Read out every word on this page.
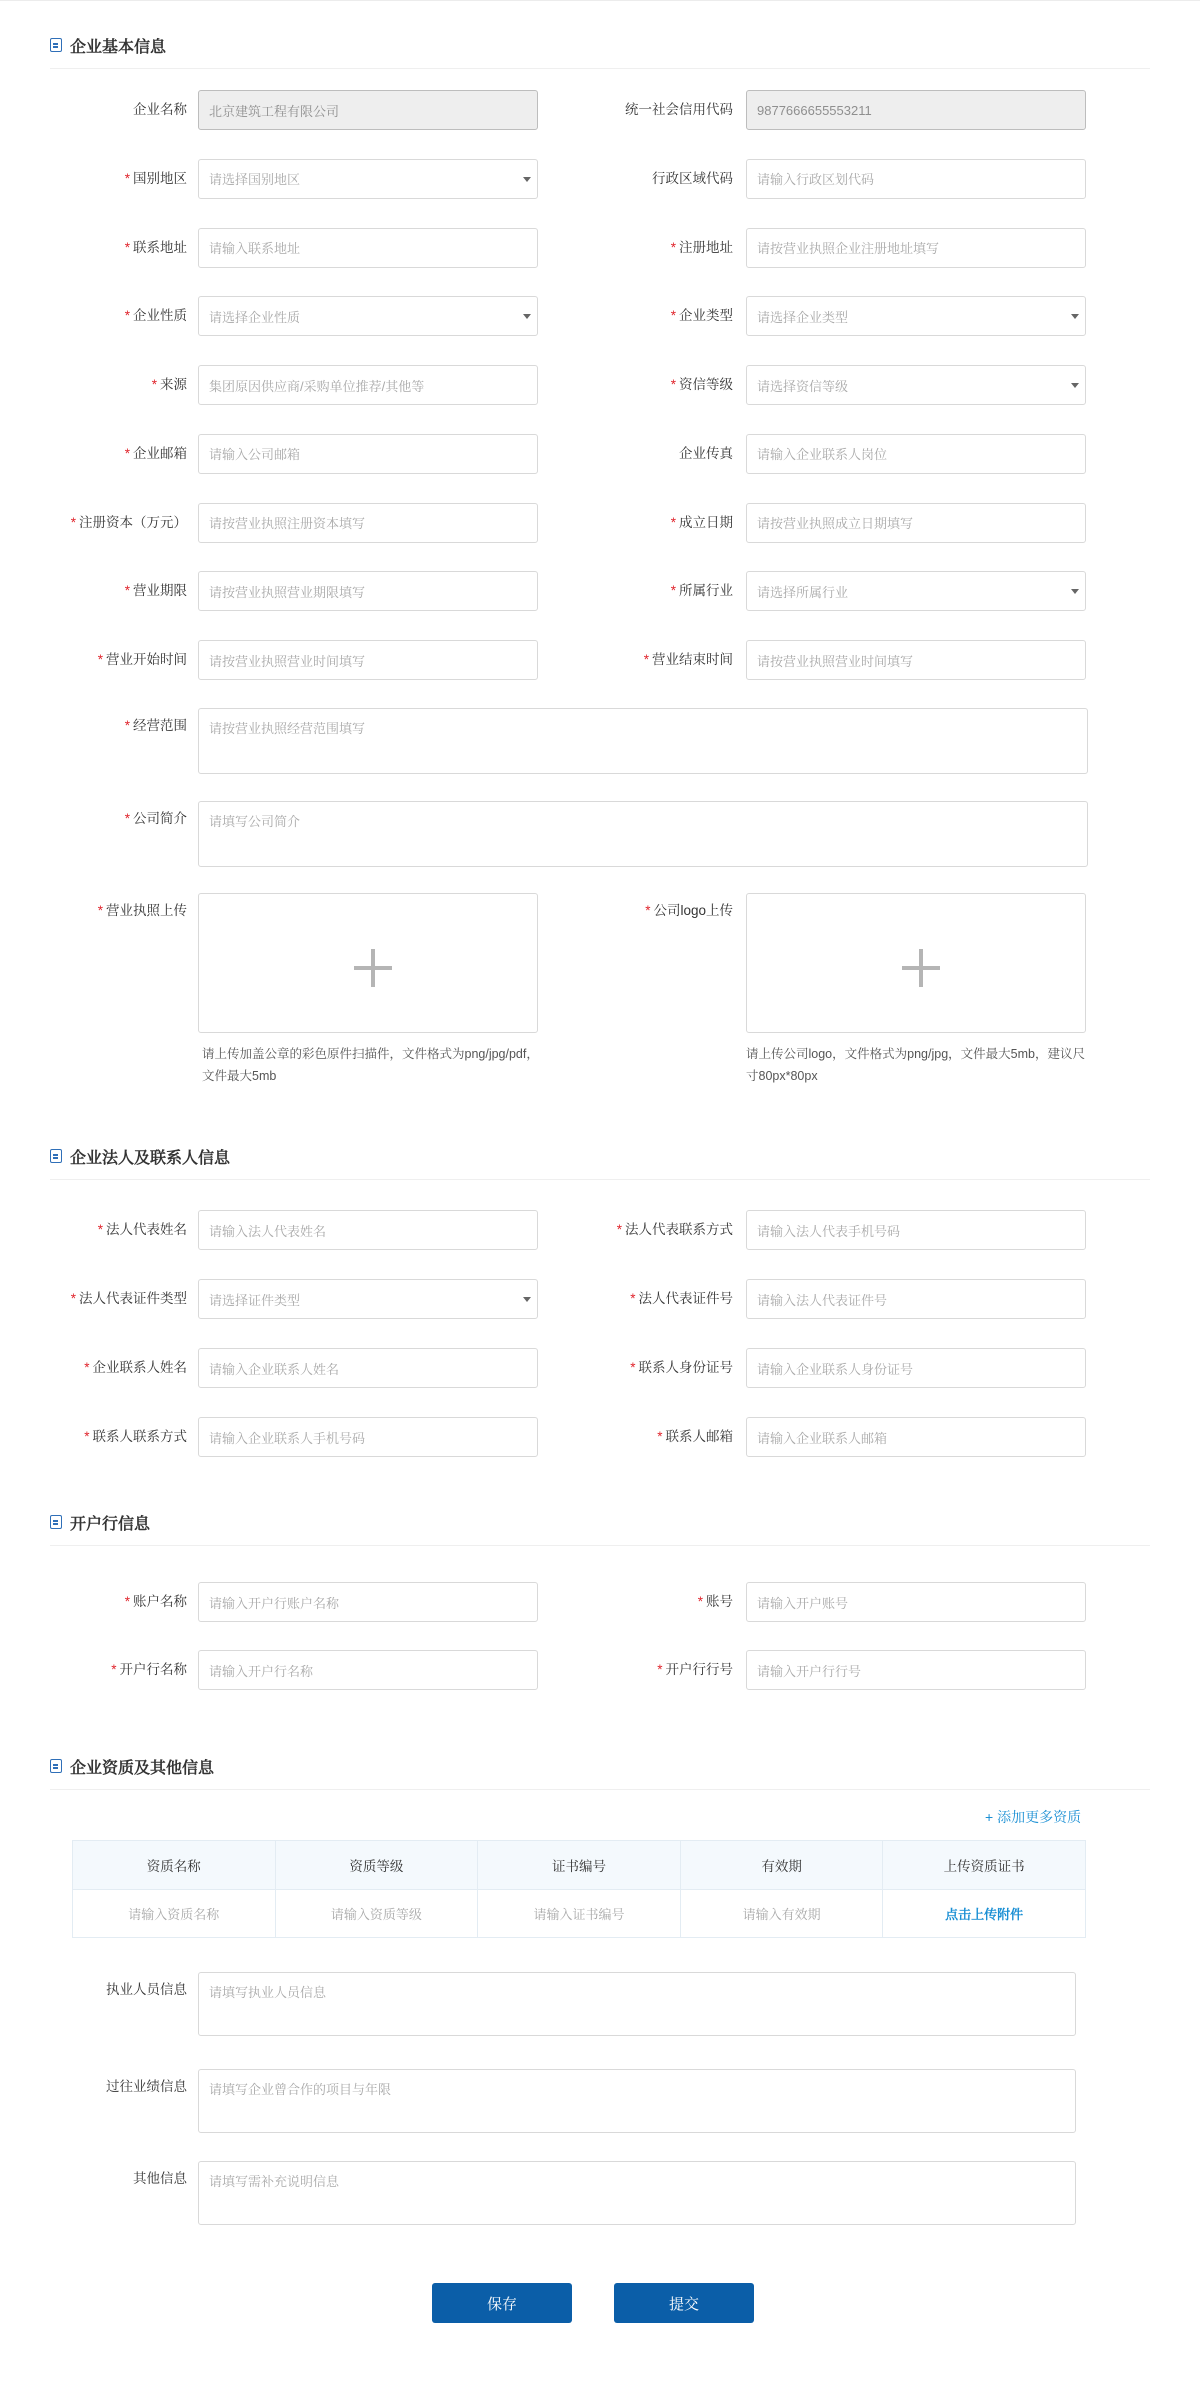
企业基本信息
企业名称 北京建筑工程有限公司	统一社会信用代码 9877666655553211
* 国别地区 请选择国别地区	行政区域代码 请输入行政区划代码
* 联系地址 请输入联系地址	* 注册地址 请按营业执照企业注册地址填写
* 企业性质 请选择企业性质	* 企业类型 请选择企业类型
* 来源 集团原因供应商/采购单位推荐/其他等	* 资信等级 请选择资信等级
* 企业邮箱 请输入公司邮箱	企业传真 请输入企业联系人岗位
* 注册资本（万元） 请按营业执照注册资本填写	* 成立日期 请按营业执照成立日期填写
* 营业期限 请按营业执照营业期限填写	* 所属行业 请选择所属行业
* 营业开始时间 请按营业执照营业时间填写	* 营业结束时间 请按营业执照营业时间填写
* 经营范围	请按营业执照经营范围填写
* 公司简介	请填写公司简介
* 营业执照上传
请上传加盖公章的彩色原件扫描件，文件格式为png/jpg/pdf，文件最大5mb
* 公司logo上传
请上传公司logo，文件格式为png/jpg，文件最大5mb，建议尺寸80px*80px
企业法人及联系人信息
* 法人代表姓名 请输入法人代表姓名	* 法人代表联系方式 请输入法人代表手机号码
* 法人代表证件类型 请选择证件类型	* 法人代表证件号 请输入法人代表证件号
* 企业联系人姓名 请输入企业联系人姓名	* 联系人身份证号 请输入企业联系人身份证号
* 联系人联系方式 请输入企业联系人手机号码	* 联系人邮箱 请输入企业联系人邮箱
开户行信息
* 账户名称 请输入开户行账户名称	* 账号 请输入开户账号
* 开户行名称 请输入开户行名称	* 开户行行号 请输入开户行行号
企业资质及其他信息
+ 添加更多资质
资质名称	资质等级	证书编号	有效期	上传资质证书
请输入资质名称	请输入资质等级	请输入证书编号	请输入有效期	点击上传附件
执业人员信息	请填写执业人员信息
过往业绩信息	请填写企业曾合作的项目与年限
其他信息	请填写需补充说明信息
保存	提交
